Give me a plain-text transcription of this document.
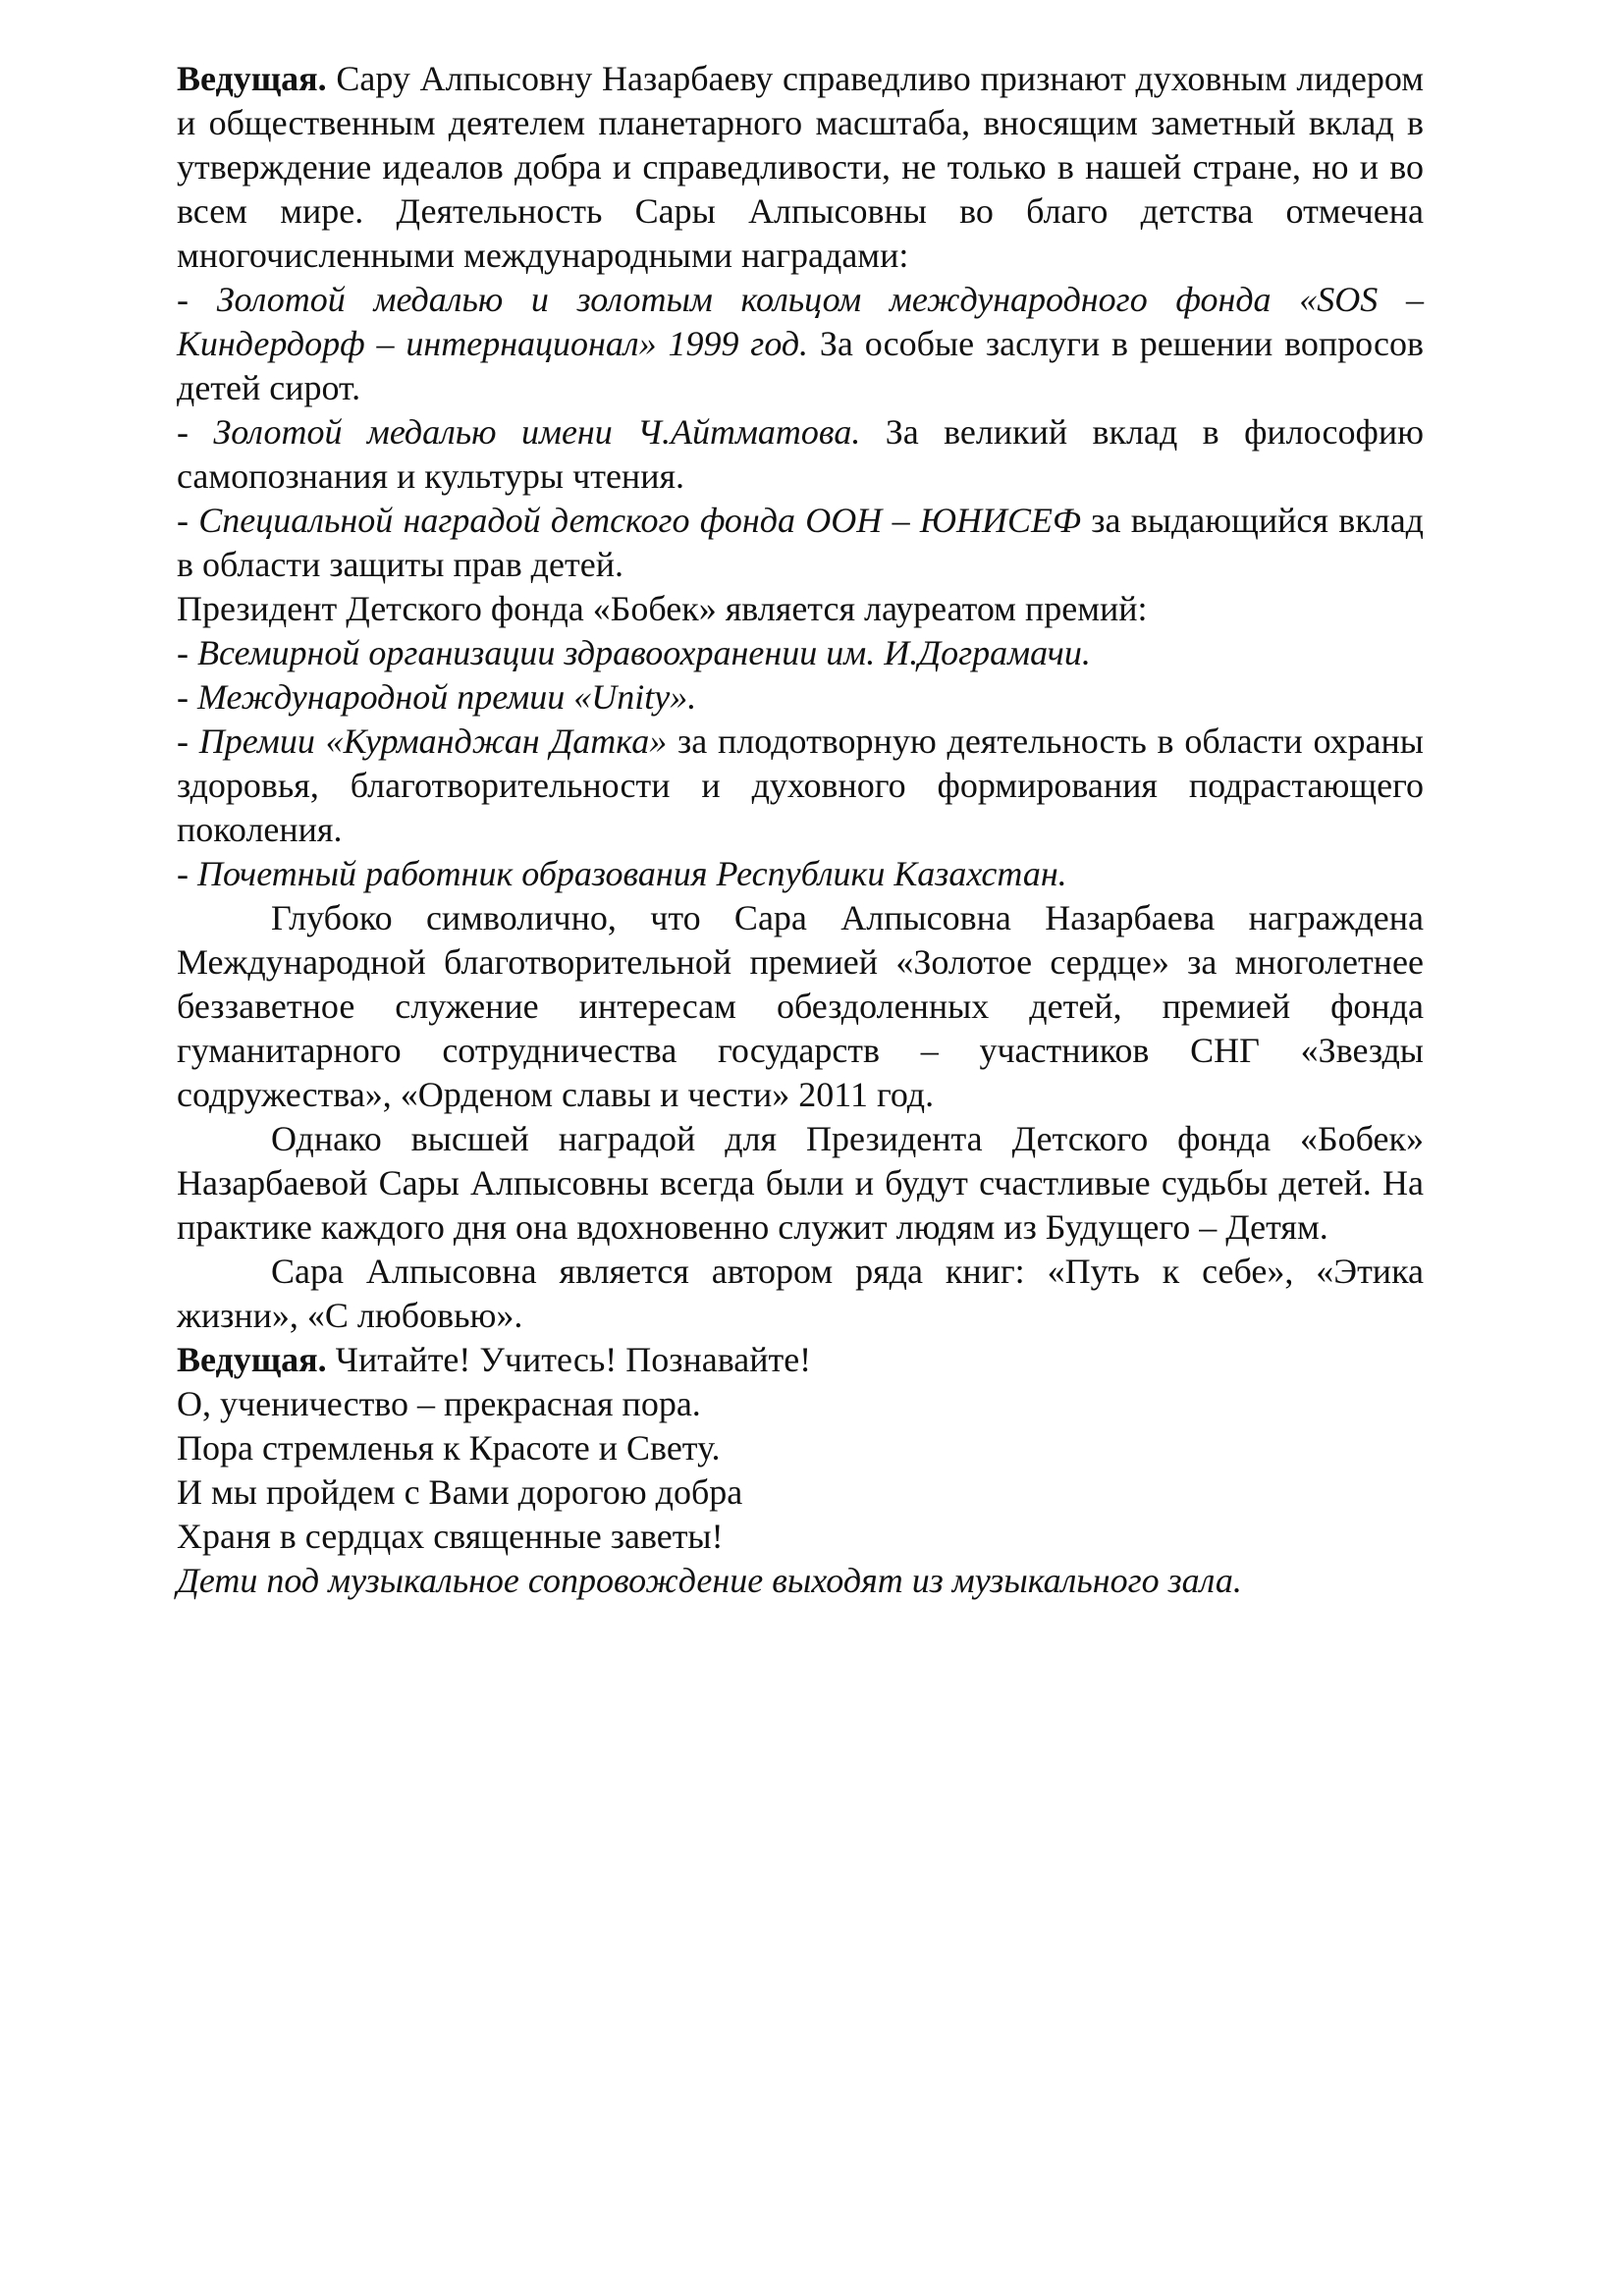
Ведущая. Сару Алпысовну Назарбаеву справедливо признают духовным лидером и общественным деятелем планетарного масштаба, вносящим заметный вклад в утверждение идеалов добра и справедливости, не только в нашей стране, но и во всем мире. Деятельность Сары Алпысовны во благо детства отмечена многочисленными международными наградами:

- Золотой медалью и золотым кольцом международного фонда «SOS – Киндердорф – интернационал» 1999 год. За особые заслуги в решении вопросов детей сирот.

- Золотой медалью имени Ч.Айтматова. За великий вклад в философию самопознания и культуры чтения.

- Специальной наградой детского фонда ООН – ЮНИСЕФ за выдающийся вклад в области защиты прав детей.

Президент Детского фонда «Бобек» является лауреатом премий:

- Всемирной организации здравоохранении им. И.Дограмачи.

- Международной премии «Unity».

- Премии «Курманджан Датка» за плодотворную деятельность в области охраны здоровья, благотворительности и духовного формирования подрастающего поколения.

- Почетный работник образования Республики Казахстан.

Глубоко символично, что Сара Алпысовна Назарбаева награждена Международной благотворительной премией «Золотое сердце» за многолетнее беззаветное служение интересам обездоленных детей, премией фонда гуманитарного сотрудничества государств – участников СНГ «Звезды содружества», «Орденом славы и чести» 2011 год.

Однако высшей наградой для Президента Детского фонда «Бобек» Назарбаевой Сары Алпысовны всегда были и будут счастливые судьбы детей. На практике каждого дня она вдохновенно служит людям из Будущего – Детям.

Сара Алпысовна является автором ряда книг: «Путь к себе», «Этика жизни», «С любовью».

Ведущая. Читайте! Учитесь! Познавайте!

О, ученичество – прекрасная пора.

Пора стремленья к Красоте и Свету.

И мы пройдем с Вами дорогою добра

Храня в сердцах священные заветы!

Дети под музыкальное сопровождение выходят из музыкального зала.
